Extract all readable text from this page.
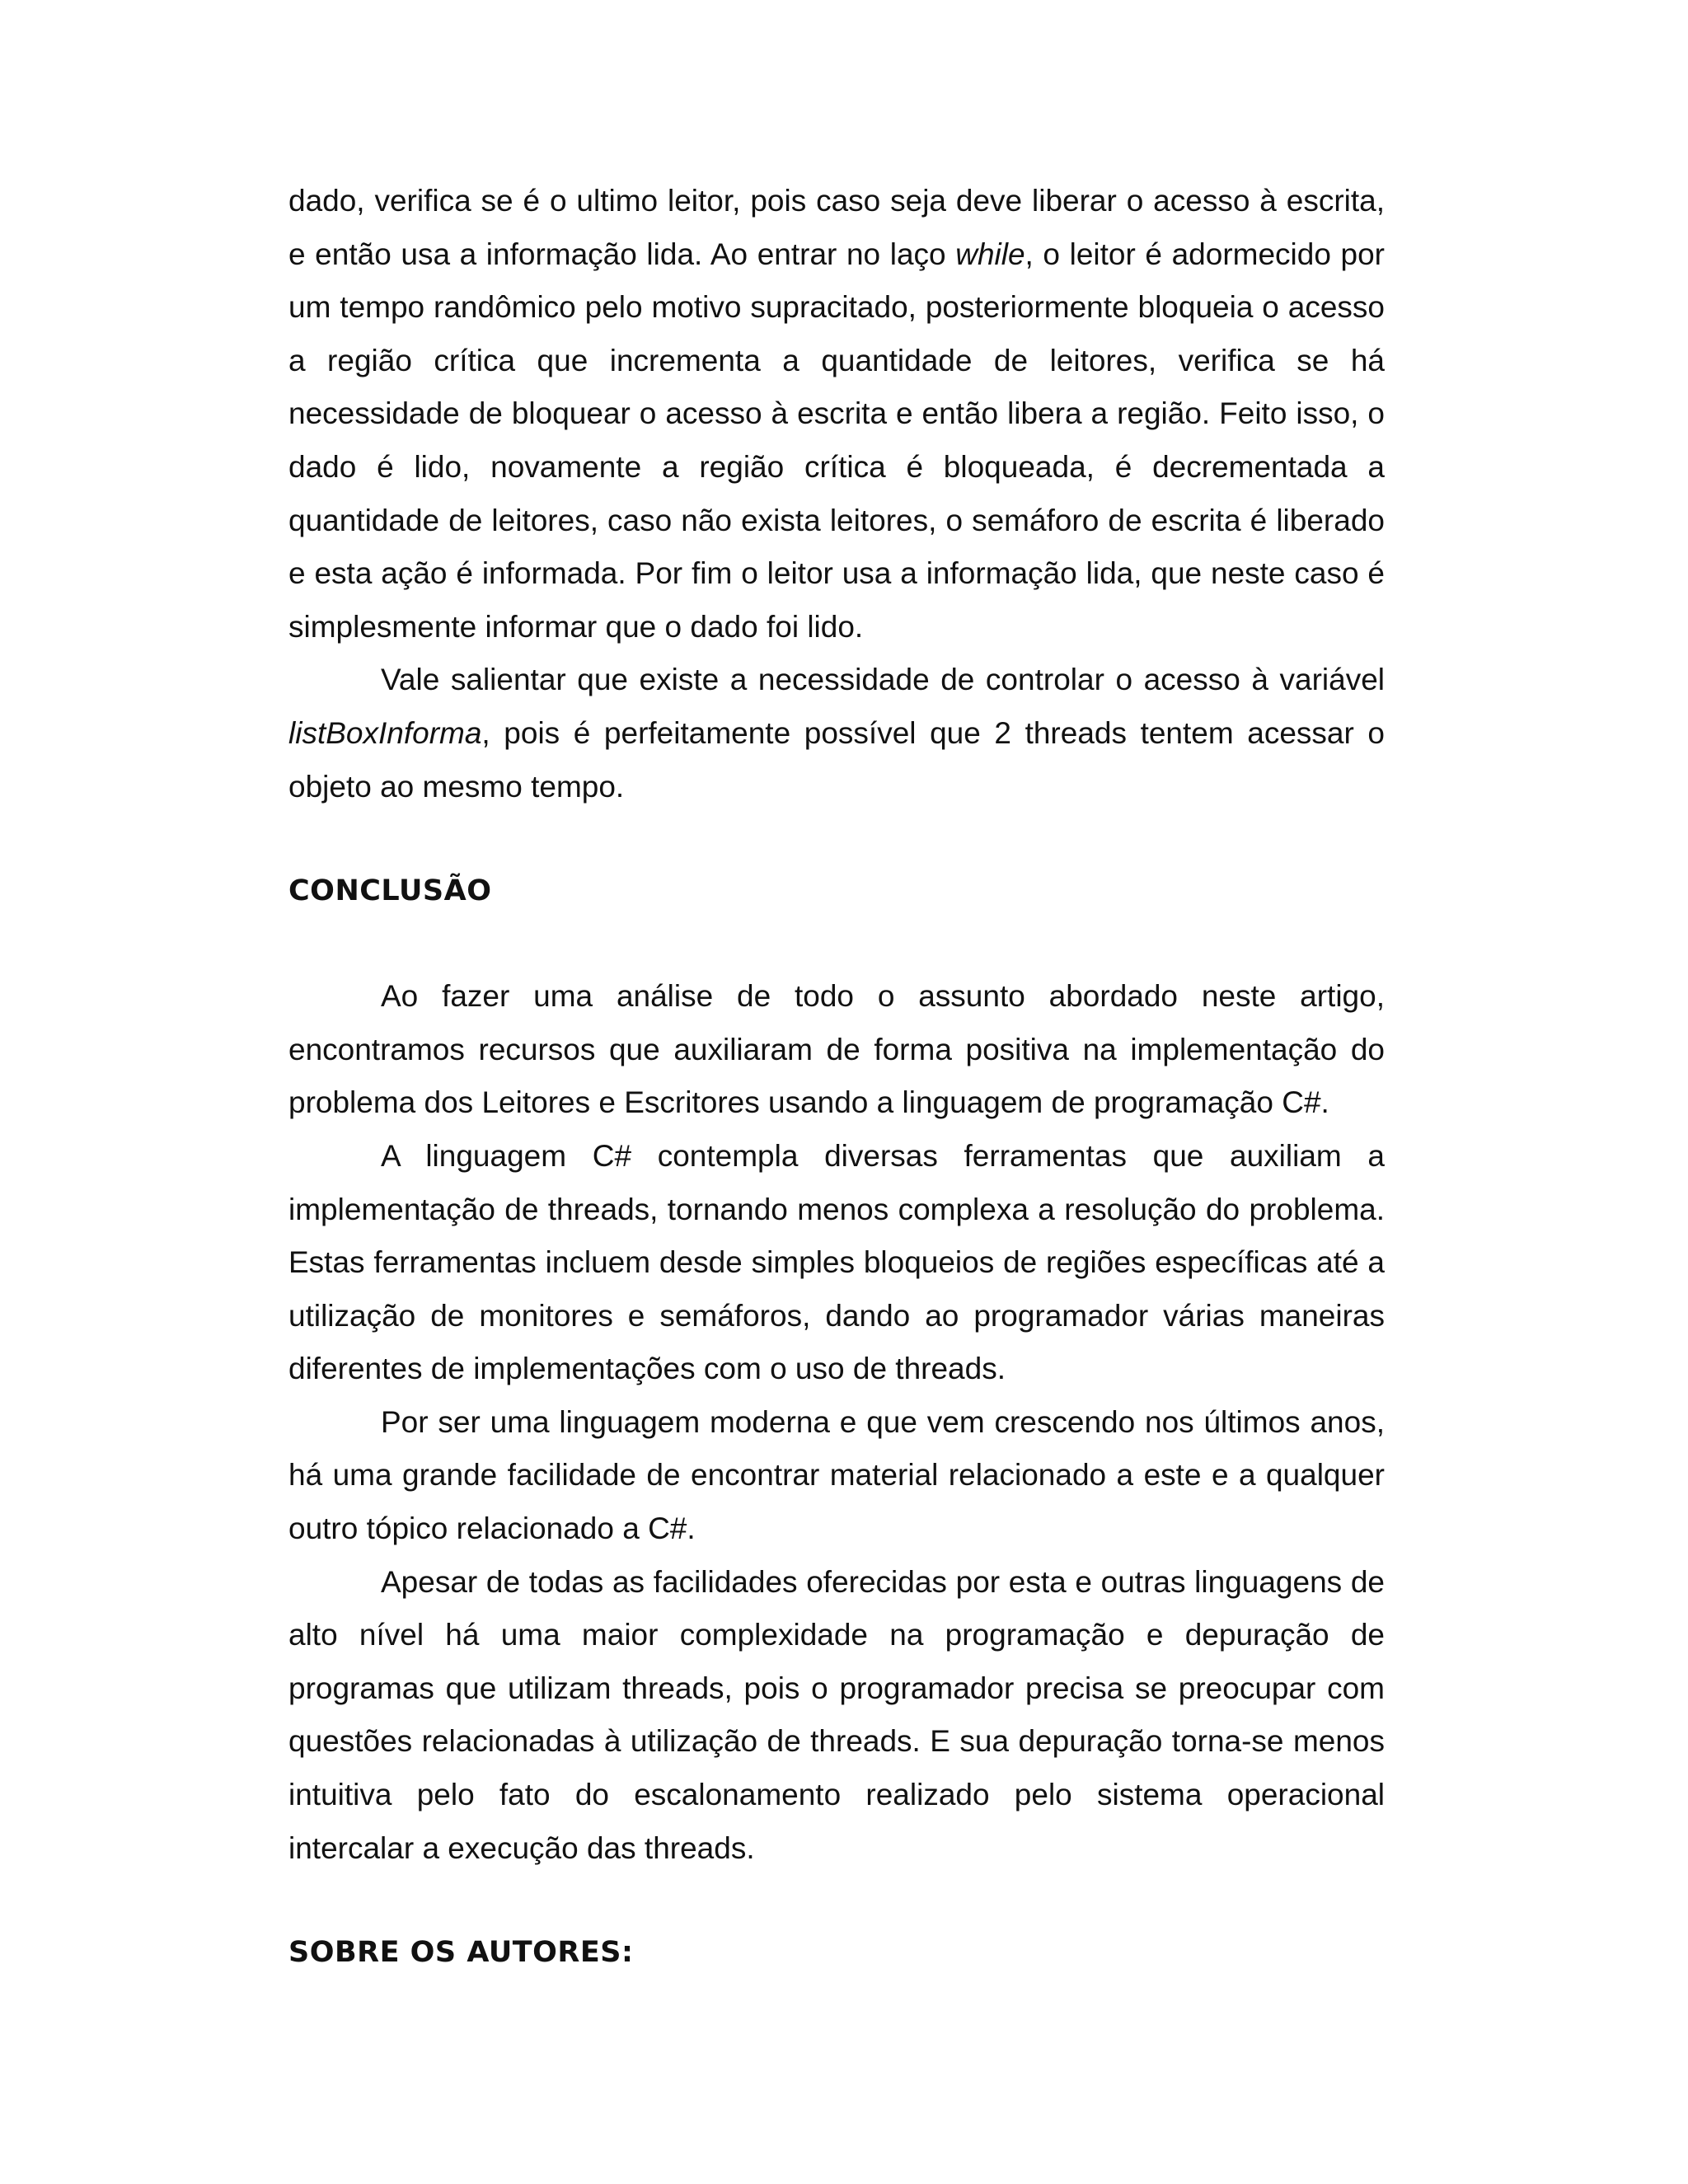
dado, verifica se é o ultimo leitor, pois caso seja deve liberar o acesso à escrita, e então usa a informação lida. Ao entrar no laço while, o leitor é adormecido por um tempo randômico pelo motivo supracitado, posteriormente bloqueia o acesso a região crítica que incrementa a quantidade de leitores, verifica se há necessidade de bloquear o acesso à escrita e então libera a região. Feito isso, o dado é lido, novamente a região crítica é bloqueada, é decrementada a quantidade de leitores, caso não exista leitores, o semáforo de escrita é liberado e esta ação é informada. Por fim o leitor usa a informação lida, que neste caso é simplesmente informar que o dado foi lido.

Vale salientar que existe a necessidade de controlar o acesso à variável listBoxInforma, pois é perfeitamente possível que 2 threads tentem acessar o objeto ao mesmo tempo.

CONCLUSÃO

Ao fazer uma análise de todo o assunto abordado neste artigo, encontramos recursos que auxiliaram de forma positiva na implementação do problema dos Leitores e Escritores usando a linguagem de programação C#.

A linguagem C# contempla diversas ferramentas que auxiliam a implementação de threads, tornando menos complexa a resolução do problema. Estas ferramentas incluem desde simples bloqueios de regiões específicas até a utilização de monitores e semáforos, dando ao programador várias maneiras diferentes de implementações com o uso de threads.

Por ser uma linguagem moderna e que vem crescendo nos últimos anos, há uma grande facilidade de encontrar material relacionado a este e a qualquer outro tópico relacionado a C#.

Apesar de todas as facilidades oferecidas por esta e outras linguagens de alto nível há uma maior complexidade na programação e depuração de programas que utilizam threads, pois o programador precisa se preocupar com questões relacionadas à utilização de threads. E sua depuração torna-se menos intuitiva pelo fato do escalonamento realizado pelo sistema operacional intercalar a execução das threads.

SOBRE OS AUTORES:
